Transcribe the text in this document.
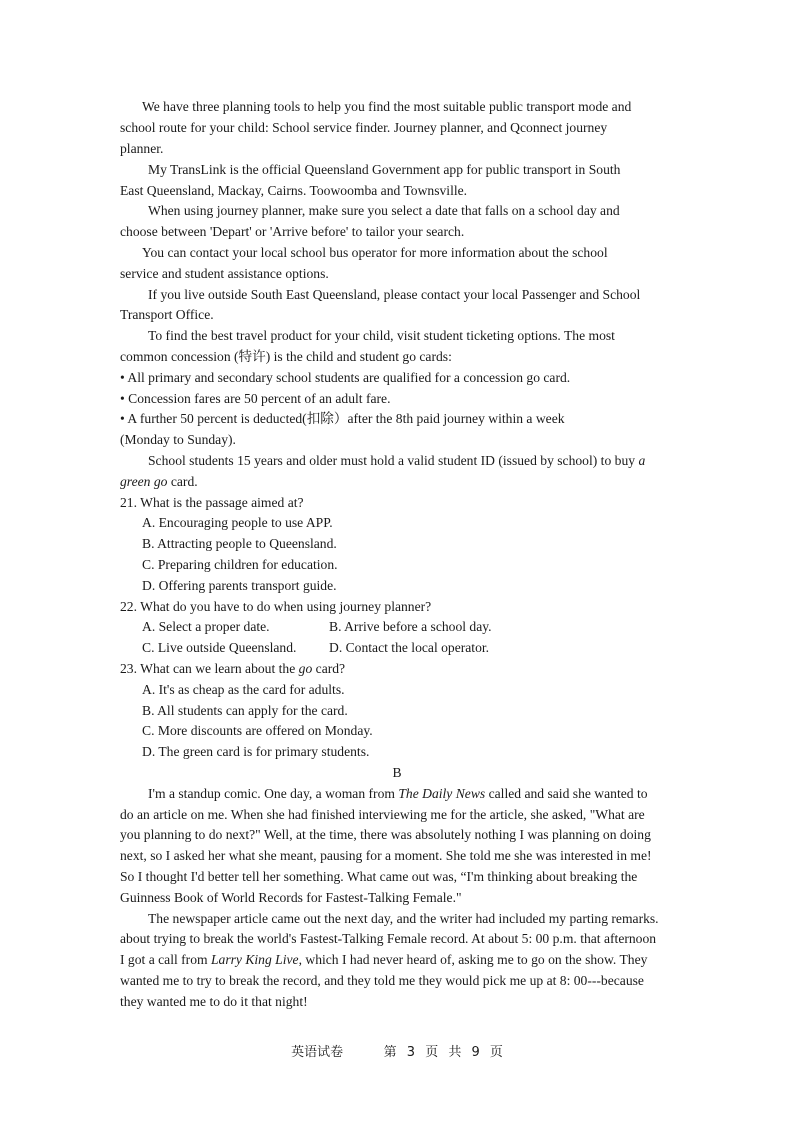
We have three planning tools to help you find the most suitable public transport mode and

school route for your child: School service finder. Journey planner, and Qconnect journey

planner.

My TransLink is the official Queensland Government app for public transport in South

East Queensland, Mackay, Cairns. Toowoomba and Townsville.

When using journey planner, make sure you select a date that falls on a school day and

choose between 'Depart' or 'Arrive before' to tailor your search.

You can contact your local school bus operator for more information about the school

service and student assistance options.

If you live outside South East Queensland, please contact your local Passenger and School

Transport Office.

To find the best travel product for your child, visit student ticketing options. The most

common concession (特许) is the child and student go cards:

• All primary and secondary school students are qualified for a concession go card.

• Concession fares are 50 percent of an adult fare.

• A further 50 percent is deducted(扣除）after the 8th paid journey within a week

(Monday to Sunday).

School students 15 years and older must hold a valid student ID (issued by school) to buy a

green go card.

21. What is the passage aimed at?

A. Encouraging people to use APP.

B. Attracting people to Queensland.

C. Preparing children for education.

D. Offering parents transport guide.

22. What do you have to do when using journey planner?

A. Select a proper date.	B. Arrive before a school day.

C. Live outside Queensland. D. Contact the local operator.

23. What can we learn about the go card?

A. It's as cheap as the card for adults.

B. All students can apply for the card.

C. More discounts are offered on Monday.

D. The green card is for primary students.

B

I'm a standup comic. One day, a woman from The Daily News called and said she wanted to

do an article on me. When she had finished interviewing me for the article, she asked, "What are

you planning to do next?" Well, at the time, there was absolutely nothing I was planning on doing

next, so I asked her what she meant, pausing for a moment. She told me she was interested in me!

So I thought I'd better tell her something. What came out was, “I'm thinking about breaking the

Guinness Book of World Records for Fastest-Talking Female."

The newspaper article came out the next day, and the writer had included my parting remarks.

about trying to break the world's Fastest-Talking Female record. At about 5: 00 p.m. that afternoon

I got a call from Larry King Live, which I had never heard of, asking me to go on the show. They

wanted me to try to break the record, and they told me they would pick me up at 8: 00---because

they wanted me to do it that night!

英语试卷	第 3 页 共 9 页
